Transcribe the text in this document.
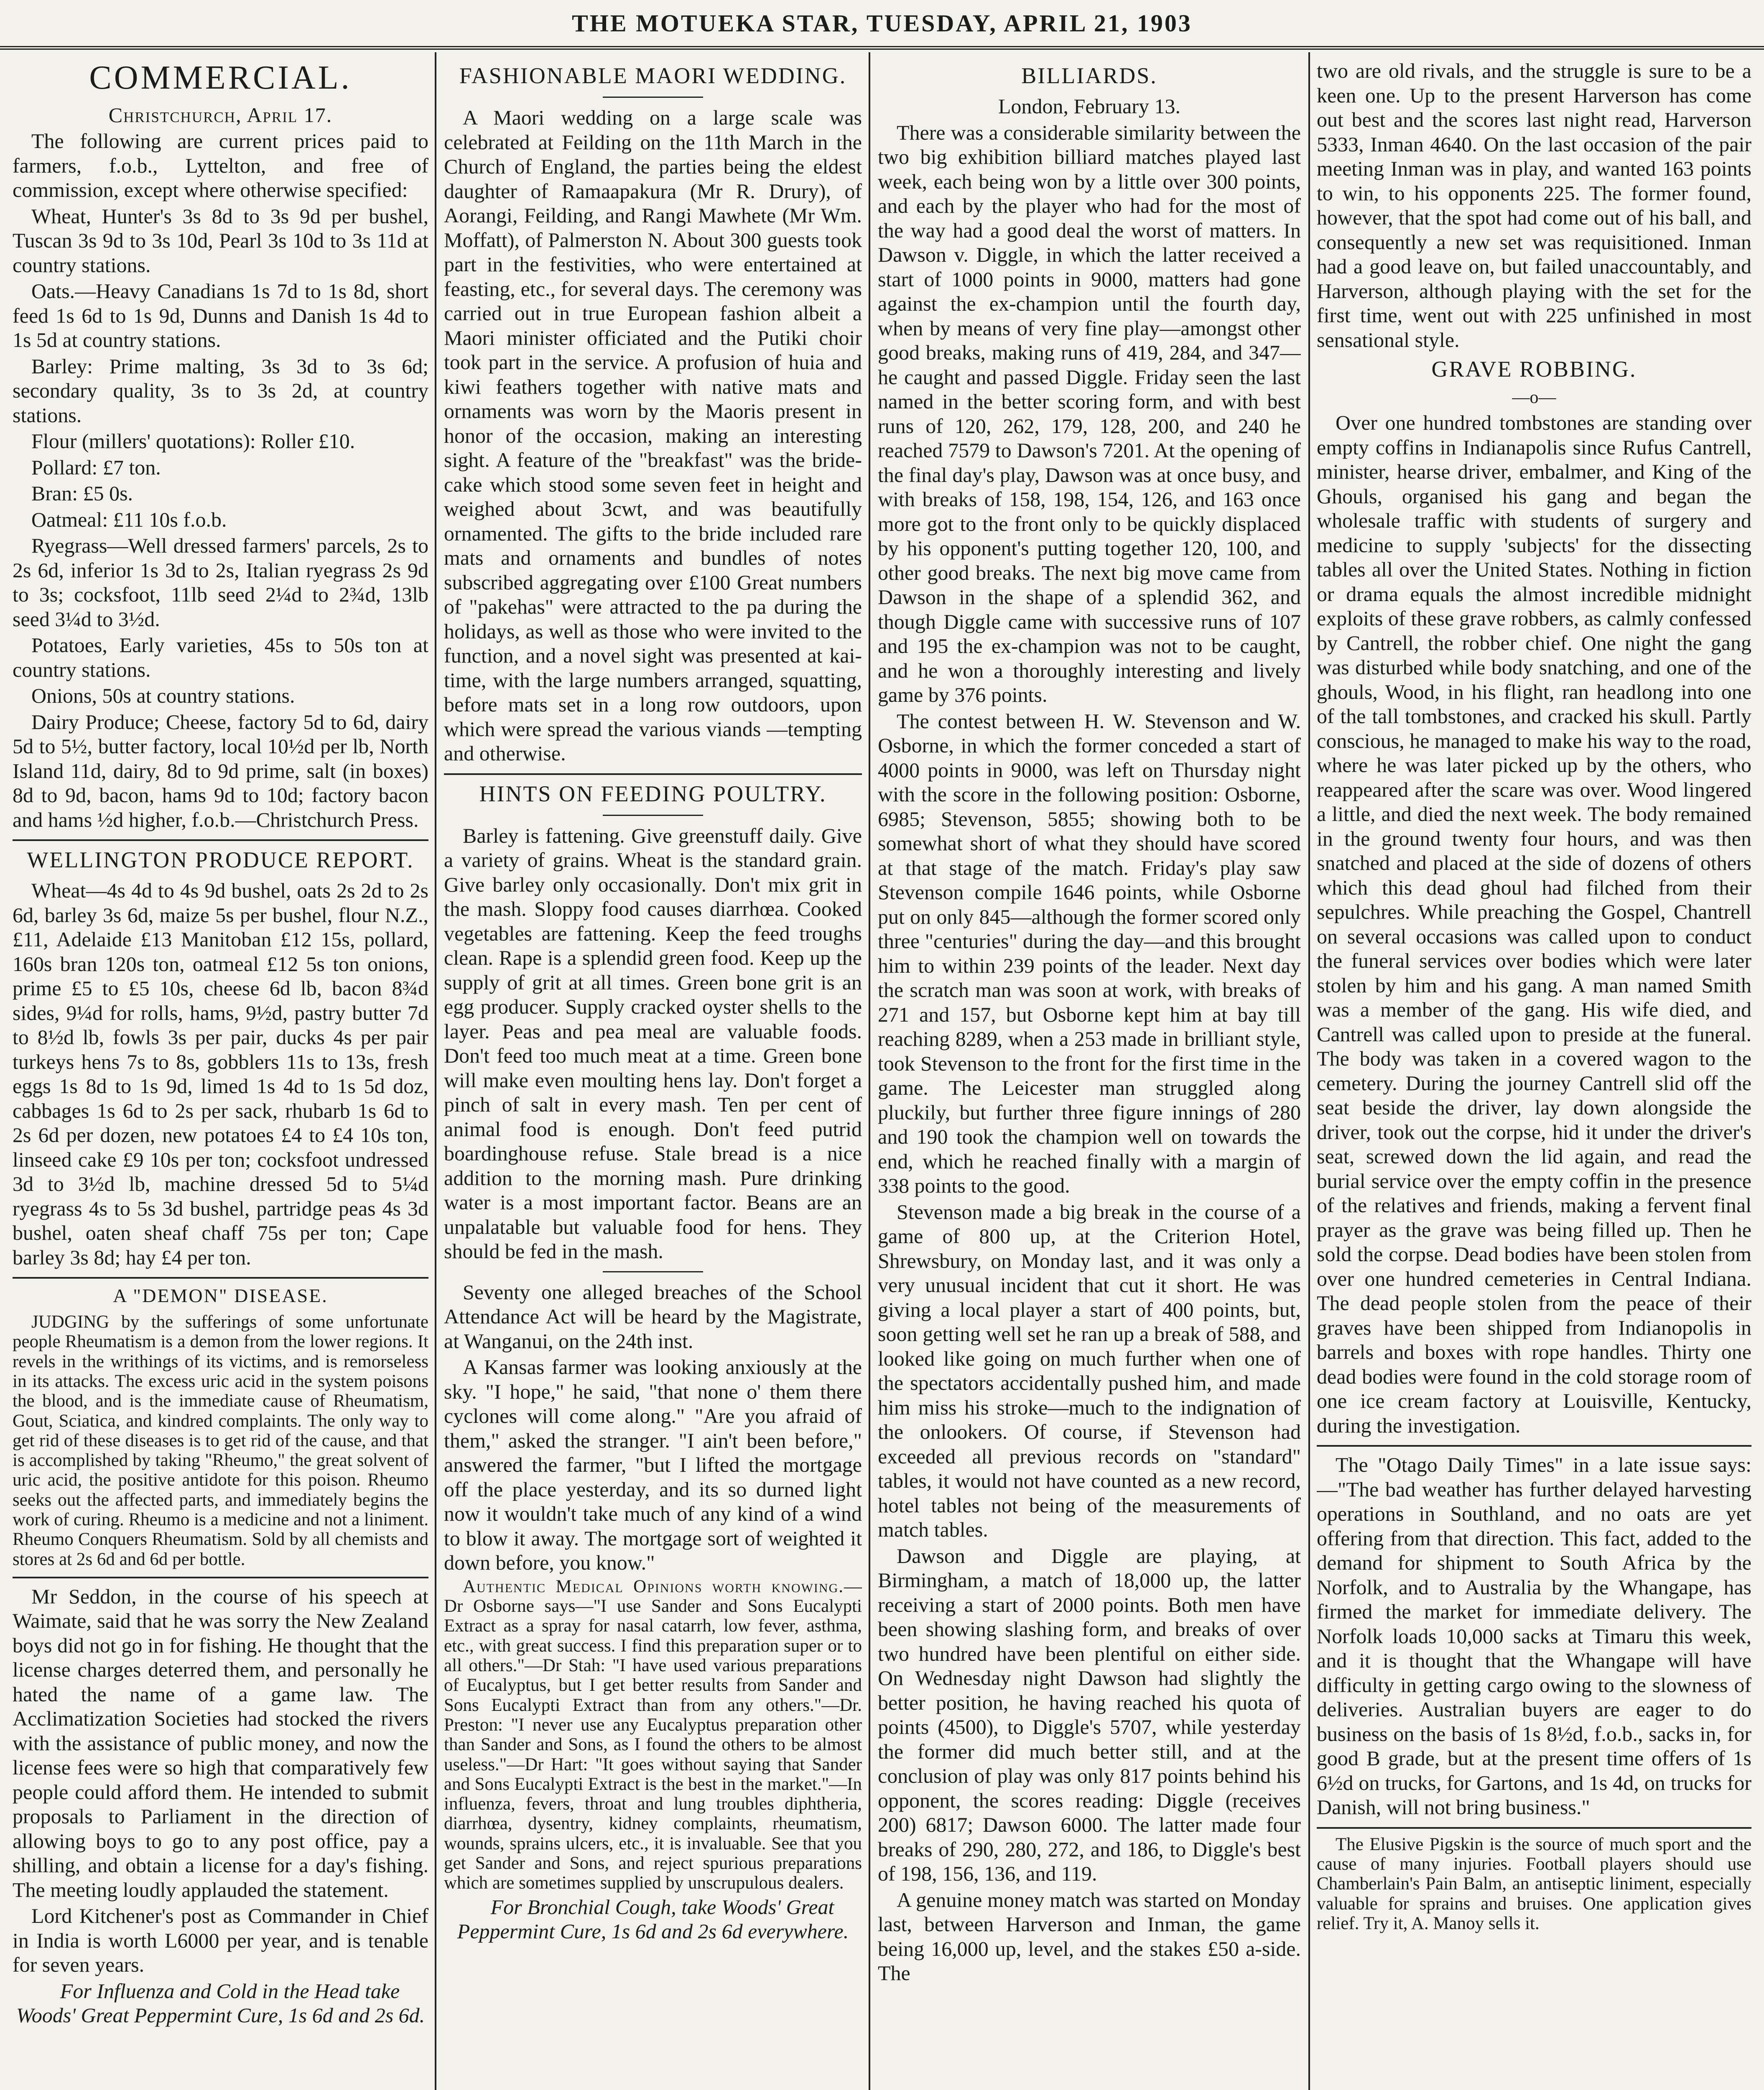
THE MOTUEKA STAR, TUESDAY, APRIL 21, 1903
COMMERCIAL.
Christchurch, April 17.

The following are current prices paid to farmers, f.o.b., Lyttelton, and free of commission, except where otherwise specified:

Wheat, Hunter's 3s 8d to 3s 9d per bushel, Tuscan 3s 9d to 3s 10d, Pearl 3s 10d to 3s 11d at country stations.

Oats.—Heavy Canadians 1s 7d to 1s 8d, short feed 1s 6d to 1s 9d, Dunns and Danish 1s 4d to 1s 5d at country stations.

Barley: Prime malting, 3s 3d to 3s 6d; secondary quality, 3s to 3s 2d, at country stations.

Flour (millers' quotations): Roller £10.

Pollard: £7 ton.

Bran: £5 0s.

Oatmeal: £11 10s f.o.b.

Ryegrass—Well dressed farmers' parcels, 2s to 2s 6d, inferior 1s 3d to 2s, Italian ryegrass 2s 9d to 3s; cocksfoot, 11lb seed 2¼d to 2¾d, 13lb seed 3¼d to 3½d.

Potatoes, Early varieties, 45s to 50s ton at country stations.

Onions, 50s at country stations.

Dairy Produce; Cheese, factory 5d to 6d, dairy 5d to 5½, butter factory, local 10½d per lb, North Island 11d, dairy, 8d to 9d prime, salt (in boxes) 8d to 9d, bacon, hams 9d to 10d; factory bacon and hams ½d higher, f.o.b.—Christchurch Press.

WELLINGTON PRODUCE REPORT.

Wheat—4s 4d to 4s 9d bushel, oats 2s 2d to 2s 6d, barley 3s 6d, maize 5s per bushel, flour N.Z., £11, Adelaide £13 Manitoban £12 15s, pollard, 160s bran 120s ton, oatmeal £12 5s ton onions, prime £5 to £5 10s, cheese 6d lb, bacon 8¾d sides, 9¼d for rolls, hams, 9½d, pastry butter 7d to 8½d lb, fowls 3s per pair, ducks 4s per pair turkeys hens 7s to 8s, gobblers 11s to 13s, fresh eggs 1s 8d to 1s 9d, limed 1s 4d to 1s 5d doz, cabbages 1s 6d to 2s per sack, rhubarb 1s 6d to 2s 6d per dozen, new potatoes £4 to £4 10s ton, linseed cake £9 10s per ton; cocksfoot undressed 3d to 3½d lb, machine dressed 5d to 5¼d ryegrass 4s to 5s 3d bushel, partridge peas 4s 3d bushel, oaten sheaf chaff 75s per ton; Cape barley 3s 8d; hay £4 per ton.

A "DEMON" DISEASE.

JUDGING by the sufferings of some unfortunate people Rheumatism is a demon from the lower regions. It revels in the writhings of its victims, and is remorseless in its attacks. The excess uric acid in the system poisons the blood, and is the immediate cause of Rheumatism, Gout, Sciatica, and kindred complaints. The only way to get rid of these diseases is to get rid of the cause, and that is accomplished by taking "Rheumo," the great solvent of uric acid, the positive antidote for this poison. Rheumo seeks out the affected parts, and immediately begins the work of curing. Rheumo is a medicine and not a liniment. Rheumo Conquers Rheumatism. Sold by all chemists and stores at 2s 6d and 6d per bottle.

Mr Seddon, in the course of his speech at Waimate, said that he was sorry the New Zealand boys did not go in for fishing. He thought that the license charges deterred them, and personally he hated the name of a game law. The Acclimatization Societies had stocked the rivers with the assistance of public money, and now the license fees were so high that comparatively few people could afford them. He intended to submit proposals to Parliament in the direction of allowing boys to go to any post office, pay a shilling, and obtain a license for a day's fishing. The meeting loudly applauded the statement.

Lord Kitchener's post as Commander in Chief in India is worth L6000 per year, and is tenable for seven years.

For Influenza and Cold in the Head take Woods' Great Peppermint Cure, 1s 6d and 2s 6d.

FASHIONABLE MAORI WEDDING.

A Maori wedding on a large scale was celebrated at Feilding on the 11th March in the Church of England, the parties being the eldest daughter of Ramaapakura (Mr R. Drury), of Aorangi, Feilding, and Rangi Mawhete (Mr Wm. Moffatt), of Palmerston N. About 300 guests took part in the festivities, who were entertained at feasting, etc., for several days. The ceremony was carried out in true European fashion albeit a Maori minister officiated and the Putiki choir took part in the service. A profusion of huia and kiwi feathers together with native mats and ornaments was worn by the Maoris present in honor of the occasion, making an interesting sight. A feature of the "breakfast" was the bride-cake which stood some seven feet in height and weighed about 3cwt, and was beautifully ornamented. The gifts to the bride included rare mats and ornaments and bundles of notes subscribed aggregating over £100 Great numbers of "pakehas" were attracted to the pa during the holidays, as well as those who were invited to the function, and a novel sight was presented at kai-time, with the large numbers arranged, squatting, before mats set in a long row outdoors, upon which were spread the various viands —tempting and otherwise.

HINTS ON FEEDING POULTRY.

Barley is fattening. Give greenstuff daily. Give a variety of grains. Wheat is the standard grain. Give barley only occasionally. Don't mix grit in the mash. Sloppy food causes diarrhœa. Cooked vegetables are fattening. Keep the feed troughs clean. Rape is a splendid green food. Keep up the supply of grit at all times. Green bone grit is an egg producer. Supply cracked oyster shells to the layer. Peas and pea meal are valuable foods. Don't feed too much meat at a time. Green bone will make even moulting hens lay. Don't forget a pinch of salt in every mash. Ten per cent of animal food is enough. Don't feed putrid boardinghouse refuse. Stale bread is a nice addition to the morning mash. Pure drinking water is a most important factor. Beans are an unpalatable but valuable food for hens. They should be fed in the mash.

Seventy one alleged breaches of the School Attendance Act will be heard by the Magistrate, at Wanganui, on the 24th inst.

A Kansas farmer was looking anxiously at the sky. "I hope," he said, "that none o' them there cyclones will come along." "Are you afraid of them," asked the stranger. "I ain't been before," answered the farmer, "but I lifted the mortgage off the place yesterday, and its so durned light now it wouldn't take much of any kind of a wind to blow it away. The mortgage sort of weighted it down before, you know."

Authentic Medical Opinions worth knowing.—Dr Osborne says—"I use Sander and Sons Eucalypti Extract as a spray for nasal catarrh, low fever, asthma, etc., with great success. I find this preparation super or to all others."—Dr Stah: "I have used various preparations of Eucalyptus, but I get better results from Sander and Sons Eucalypti Extract than from any others."—Dr. Preston: "I never use any Eucalyptus preparation other than Sander and Sons, as I found the others to be almost useless."—Dr Hart: "It goes without saying that Sander and Sons Eucalypti Extract is the best in the market."—In influenza, fevers, throat and lung troubles diphtheria, diarrhœa, dysentry, kidney complaints, rheumatism, wounds, sprains ulcers, etc., it is invaluable. See that you get Sander and Sons, and reject spurious preparations which are sometimes supplied by unscrupulous dealers.

For Bronchial Cough, take Woods' Great Peppermint Cure, 1s 6d and 2s 6d everywhere.

BILLIARDS.
London, February 13.

There was a considerable similarity between the two big exhibition billiard matches played last week, each being won by a little over 300 points, and each by the player who had for the most of the way had a good deal the worst of matters. In Dawson v. Diggle, in which the latter received a start of 1000 points in 9000, matters had gone against the ex-champion until the fourth day, when by means of very fine play—amongst other good breaks, making runs of 419, 284, and 347—he caught and passed Diggle. Friday seen the last named in the better scoring form, and with best runs of 120, 262, 179, 128, 200, and 240 he reached 7579 to Dawson's 7201. At the opening of the final day's play, Dawson was at once busy, and with breaks of 158, 198, 154, 126, and 163 once more got to the front only to be quickly displaced by his opponent's putting together 120, 100, and other good breaks. The next big move came from Dawson in the shape of a splendid 362, and though Diggle came with successive runs of 107 and 195 the ex-champion was not to be caught, and he won a thoroughly interesting and lively game by 376 points.

The contest between H. W. Stevenson and W. Osborne, in which the former conceded a start of 4000 points in 9000, was left on Thursday night with the score in the following position: Osborne, 6985; Stevenson, 5855; showing both to be somewhat short of what they should have scored at that stage of the match. Friday's play saw Stevenson compile 1646 points, while Osborne put on only 845—although the former scored only three "centuries" during the day—and this brought him to within 239 points of the leader. Next day the scratch man was soon at work, with breaks of 271 and 157, but Osborne kept him at bay till reaching 8289, when a 253 made in brilliant style, took Stevenson to the front for the first time in the game. The Leicester man struggled along pluckily, but further three figure innings of 280 and 190 took the champion well on towards the end, which he reached finally with a margin of 338 points to the good.

Stevenson made a big break in the course of a game of 800 up, at the Criterion Hotel, Shrewsbury, on Monday last, and it was only a very unusual incident that cut it short. He was giving a local player a start of 400 points, but, soon getting well set he ran up a break of 588, and looked like going on much further when one of the spectators accidentally pushed him, and made him miss his stroke—much to the indignation of the onlookers. Of course, if Stevenson had exceeded all previous records on "standard" tables, it would not have counted as a new record, hotel tables not being of the measurements of match tables.

Dawson and Diggle are playing, at Birmingham, a match of 18,000 up, the latter receiving a start of 2000 points. Both men have been showing slashing form, and breaks of over two hundred have been plentiful on either side. On Wednesday night Dawson had slightly the better position, he having reached his quota of points (4500), to Diggle's 5707, while yesterday the former did much better still, and at the conclusion of play was only 817 points behind his opponent, the scores reading: Diggle (receives 200) 6817; Dawson 6000. The latter made four breaks of 290, 280, 272, and 186, to Diggle's best of 198, 156, 136, and 119.

A genuine money match was started on Monday last, between Harverson and Inman, the game being 16,000 up, level, and the stakes £50 a-side. The

two are old rivals, and the struggle is sure to be a keen one. Up to the present Harverson has come out best and the scores last night read, Harverson 5333, Inman 4640. On the last occasion of the pair meeting Inman was in play, and wanted 163 points to win, to his opponents 225. The former found, however, that the spot had come out of his ball, and consequently a new set was requisitioned. Inman had a good leave on, but failed unaccountably, and Harverson, although playing with the set for the first time, went out with 225 unfinished in most sensational style.

GRAVE ROBBING.
—o—

Over one hundred tombstones are standing over empty coffins in Indianapolis since Rufus Cantrell, minister, hearse driver, embalmer, and King of the Ghouls, organised his gang and began the wholesale traffic with students of surgery and medicine to supply 'subjects' for the dissecting tables all over the United States. Nothing in fiction or drama equals the almost incredible midnight exploits of these grave robbers, as calmly confessed by Cantrell, the robber chief. One night the gang was disturbed while body snatching, and one of the ghouls, Wood, in his flight, ran headlong into one of the tall tombstones, and cracked his skull. Partly conscious, he managed to make his way to the road, where he was later picked up by the others, who reappeared after the scare was over. Wood lingered a little, and died the next week. The body remained in the ground twenty four hours, and was then snatched and placed at the side of dozens of others which this dead ghoul had filched from their sepulchres. While preaching the Gospel, Chantrell on several occasions was called upon to conduct the funeral services over bodies which were later stolen by him and his gang. A man named Smith was a member of the gang. His wife died, and Cantrell was called upon to preside at the funeral. The body was taken in a covered wagon to the cemetery. During the journey Cantrell slid off the seat beside the driver, lay down alongside the driver, took out the corpse, hid it under the driver's seat, screwed down the lid again, and read the burial service over the empty coffin in the presence of the relatives and friends, making a fervent final prayer as the grave was being filled up. Then he sold the corpse. Dead bodies have been stolen from over one hundred cemeteries in Central Indiana. The dead people stolen from the peace of their graves have been shipped from Indianopolis in barrels and boxes with rope handles. Thirty one dead bodies were found in the cold storage room of one ice cream factory at Louisville, Kentucky, during the investigation.

The "Otago Daily Times" in a late issue says:—"The bad weather has further delayed harvesting operations in Southland, and no oats are yet offering from that direction. This fact, added to the demand for shipment to South Africa by the Norfolk, and to Australia by the Whangape, has firmed the market for immediate delivery. The Norfolk loads 10,000 sacks at Timaru this week, and it is thought that the Whangape will have difficulty in getting cargo owing to the slowness of deliveries. Australian buyers are eager to do business on the basis of 1s 8½d, f.o.b., sacks in, for good B grade, but at the present time offers of 1s 6½d on trucks, for Gartons, and 1s 4d, on trucks for Danish, will not bring business."

The Elusive Pigskin is the source of much sport and the cause of many injuries. Football players should use Chamberlain's Pain Balm, an antiseptic liniment, especially valuable for sprains and bruises. One application gives relief. Try it, A. Manoy sells it.
